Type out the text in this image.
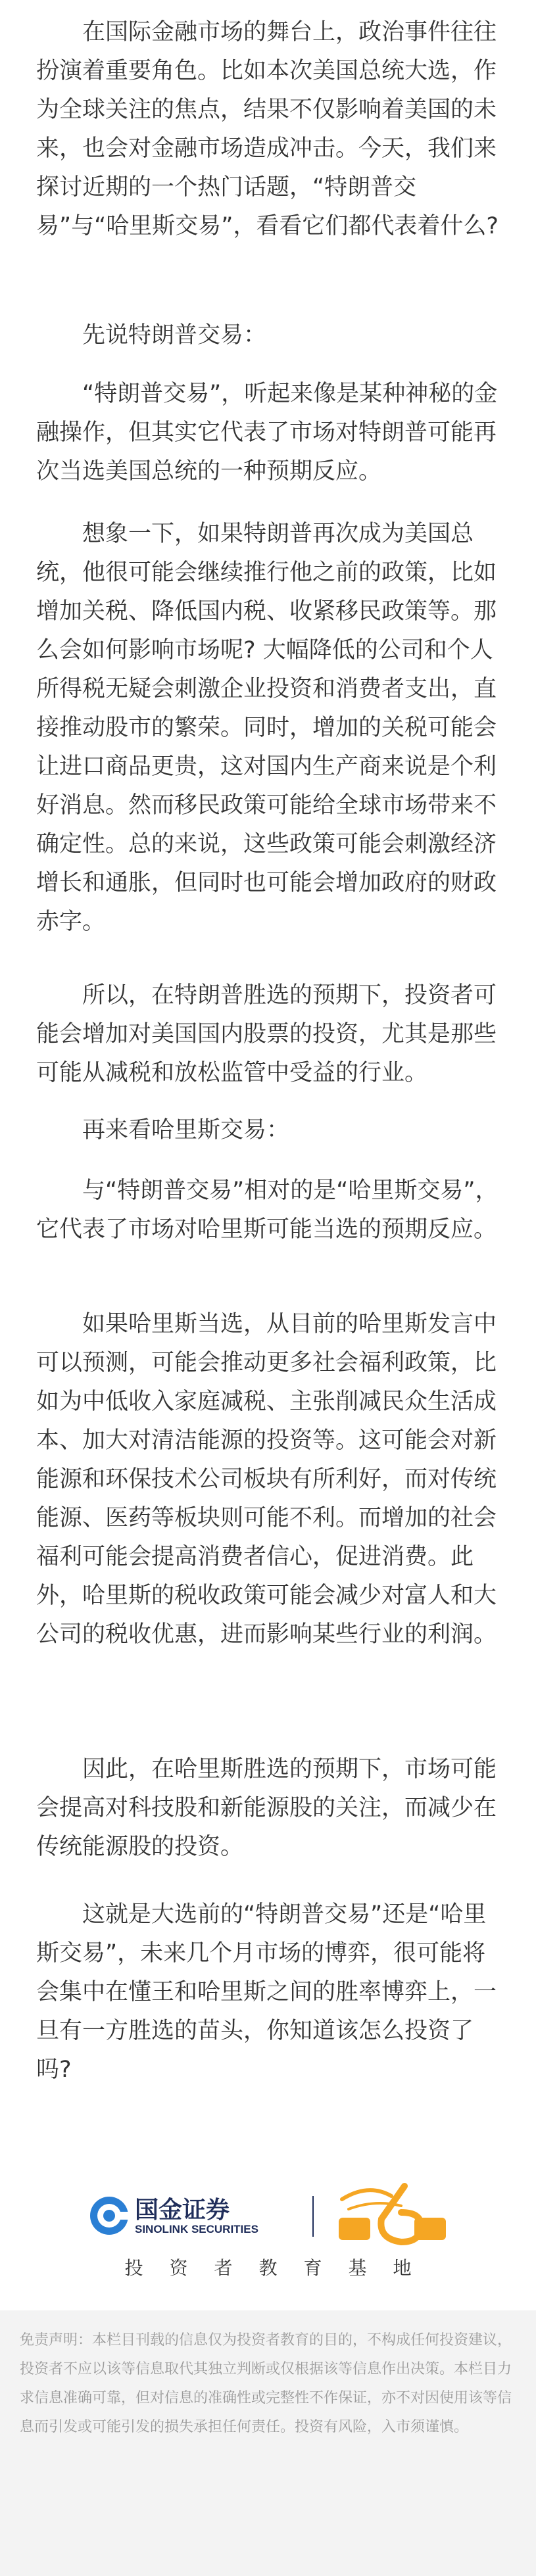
在国际金融市场的舞台上，政治事件往往扮演着重要角色。比如本次美国总统大选，作为全球关注的焦点，结果不仅影响着美国的未来，也会对金融市场造成冲击。今天，我们来探讨近期的一个热门话题，“特朗普交易”与“哈里斯交易”，看看它们都代表着什么?

先说特朗普交易：

“特朗普交易”，听起来像是某种神秘的金融操作，但其实它代表了市场对特朗普可能再次当选美国总统的一种预期反应。

想象一下，如果特朗普再次成为美国总统，他很可能会继续推行他之前的政策，比如增加关税、降低国内税、收紧移民政策等。那么会如何影响市场呢? 大幅降低的公司和个人所得税无疑会刺激企业投资和消费者支出，直接推动股市的繁荣。同时，增加的关税可能会让进口商品更贵，这对国内生产商来说是个利好消息。然而移民政策可能给全球市场带来不确定性。总的来说，这些政策可能会刺激经济增长和通胀，但同时也可能会增加政府的财政赤字。

所以，在特朗普胜选的预期下，投资者可能会增加对美国国内股票的投资，尤其是那些可能从减税和放松监管中受益的行业。

再来看哈里斯交易：

与“特朗普交易”相对的是“哈里斯交易”，它代表了市场对哈里斯可能当选的预期反应。

如果哈里斯当选，从目前的哈里斯发言中可以预测，可能会推动更多社会福利政策，比如为中低收入家庭减税、主张削减民众生活成本、加大对清洁能源的投资等。这可能会对新能源和环保技术公司板块有所利好，而对传统能源、医药等板块则可能不利。而增加的社会福利可能会提高消费者信心，促进消费。此外，哈里斯的税收政策可能会减少对富人和大公司的税收优惠，进而影响某些行业的利润。

因此，在哈里斯胜选的预期下，市场可能会提高对科技股和新能源股的关注，而减少在传统能源股的投资。

这就是大选前的“特朗普交易”还是“哈里斯交易”，未来几个月市场的博弈，很可能将会集中在懂王和哈里斯之间的胜率博弈上，一旦有一方胜选的苗头，你知道该怎么投资了吗?

国金证券
SINOLINK SECURITIES
投资者教育基地

免责声明：本栏目刊载的信息仅为投资者教育的目的，不构成任何投资建议，投资者不应以该等信息取代其独立判断或仅根据该等信息作出决策。本栏目力求信息准确可靠，但对信息的准确性或完整性不作保证，亦不对因使用该等信息而引发或可能引发的损失承担任何责任。投资有风险，入市须谨慎。
